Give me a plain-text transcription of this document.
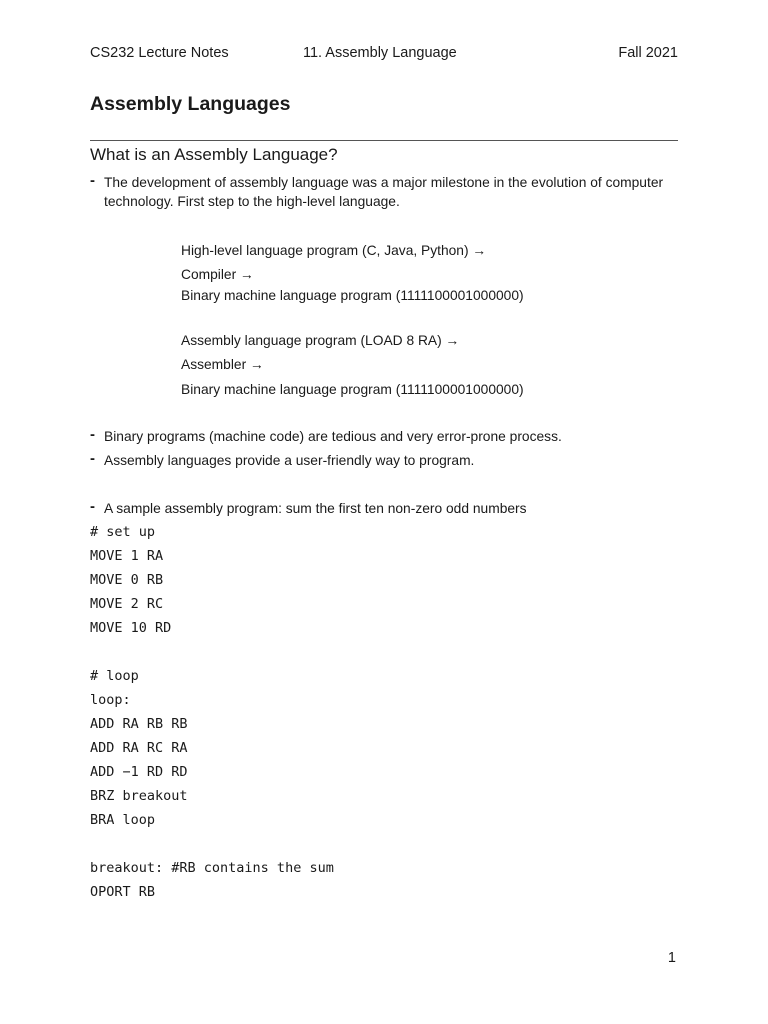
CS232 Lecture Notes	11. Assembly Language	Fall 2021
Assembly Languages
What is an Assembly Language?
- The development of assembly language was a major milestone in the evolution of computer technology. First step to the high-level language.
High-level language program (C, Java, Python) →
Compiler →
Binary machine language program (1111100001000000)
Assembly language program (LOAD 8 RA) →
Assembler →
Binary machine language program (1111100001000000)
- Binary programs (machine code) are tedious and very error-prone process.
- Assembly languages provide a user-friendly way to program.
- A sample assembly program: sum the first ten non-zero odd numbers
# set up
MOVE 1 RA
MOVE 0 RB
MOVE 2 RC
MOVE 10 RD
# loop
loop:
ADD RA RB RB
ADD RA RC RA
ADD −1 RD RD
BRZ breakout
BRA loop
breakout: #RB contains the sum
OPORT RB
1
